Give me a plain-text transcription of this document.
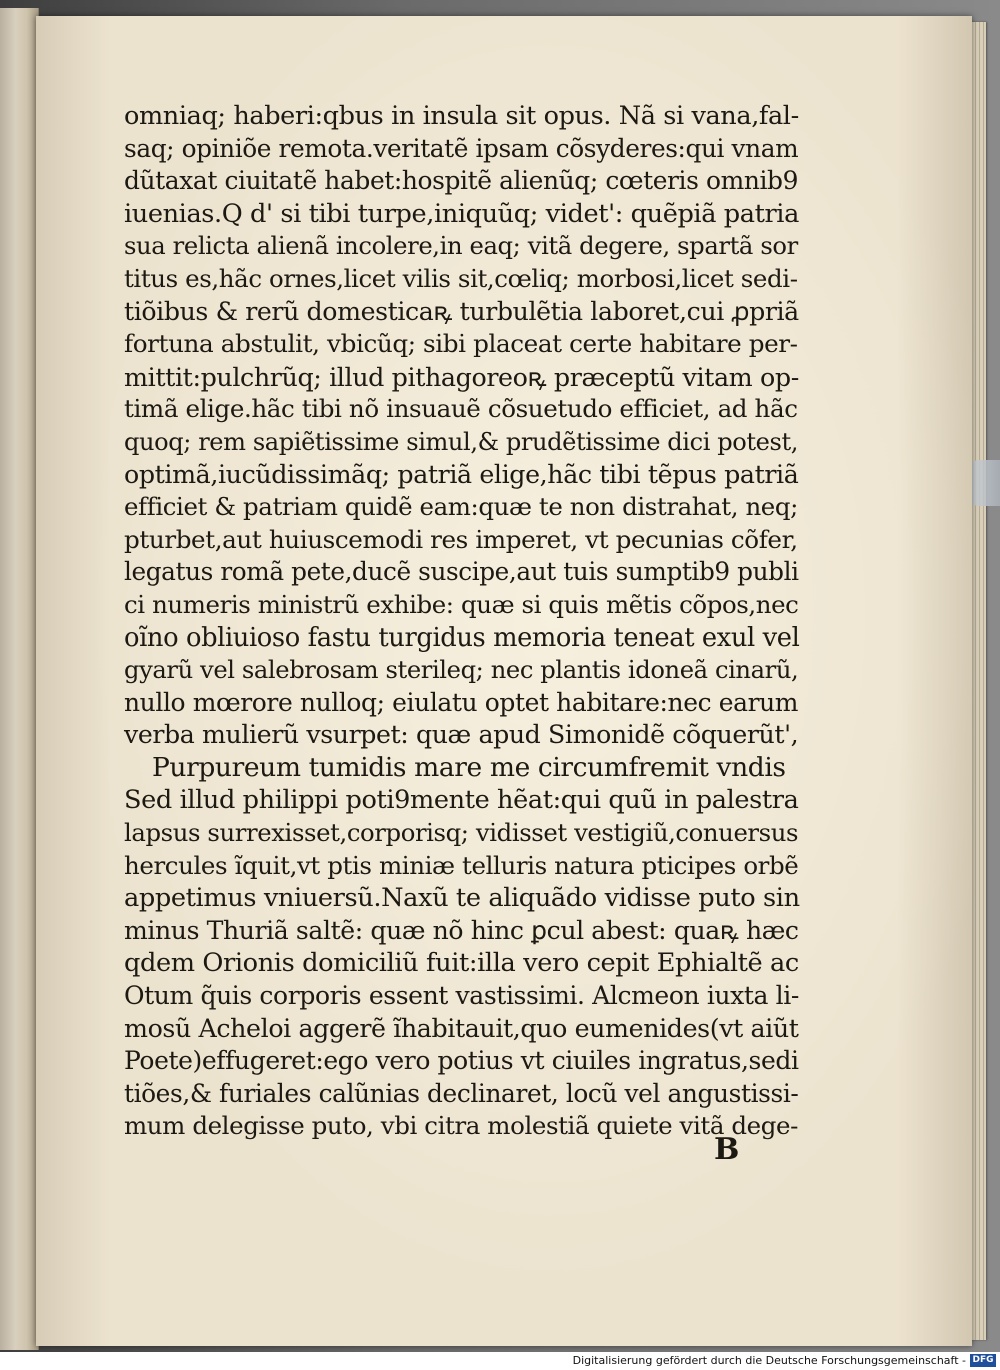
omniaq; haberi:qbus in insula sit opus. Nã si vana,fal-
saq; opiniõe remota.veritatẽ ipsam cõsyderes:qui vnam
dũtaxat ciuitatẽ habet:hospitẽ alienũq; cœteris omnib9
iuenias.Q d' si tibi turpe,iniquũq; videt': quẽpiã patria
sua relicta alienã incolere,in eaq; vitã degere, spartã sor
titus es,hãc ornes,licet vilis sit,cœliq; morbosi,licet sedi-
tiõibus & rerũ domesticaꝶ turbulẽtia laboret,cui ꝓpriã
fortuna abstulit, vbicũq; sibi placeat certe habitare per-
mittit:pulchrũq; illud pithagoreoꝶ præceptũ vitam op-
timã elige.hãc tibi nõ insuauẽ cõsuetudo efficiet, ad hãc
quoq; rem sapiẽtissime simul,& prudẽtissime dici potest,
optimã,iucũdissimãq; patriã elige,hãc tibi tẽpus patriã
efficiet & patriam quidẽ eam:quæ te non distrahat, neq;
pturbet,aut huiuscemodi res imperet, vt pecunias cõfer,
legatus romã pete,ducẽ suscipe,aut tuis sumptib9 publi
ci numeris ministrũ exhibe: quæ si quis mẽtis cõpos,nec
oĩno obliuioso fastu turgidus memoria teneat exul vel
gyarũ vel salebrosam sterileq; nec plantis idoneã cinarũ,
nullo mœrore nulloq; eiulatu optet habitare:nec earum
verba mulierũ vsurpet: quæ apud Simonidẽ cõquerũt',
Purpureum tumidis mare me circumfremit vndis
Sed illud philippi poti9mente hẽat:qui quũ in palestra
lapsus surrexisset,corporisq; vidisset vestigiũ,conuersus
hercules ĩquit,vt ptis miniæ telluris natura pticipes orbẽ
appetimus vniuersũ.Naxũ te aliquãdo vidisse puto sin
minus Thuriã saltẽ: quæ nõ hinc ꝑcul abest: quaꝶ hæc
qdem Orionis domiciliũ fuit:illa vero cepit Ephialtẽ ac
Otum q̃uis corporis essent vastissimi. Alcmeon iuxta li-
mosũ Acheloi aggerẽ ĩhabitauit,quo eumenides(vt aiũt
Poete)effugeret:ego vero potius vt ciuiles ingratus,sedi
tiões,& furiales calũnias declinaret, locũ vel angustissi-
mum delegisse puto, vbi citra molestiã quiete vitã dege-
B
Digitalisierung gefördert durch die Deutsche Forschungsgemeinschaft - DFG
